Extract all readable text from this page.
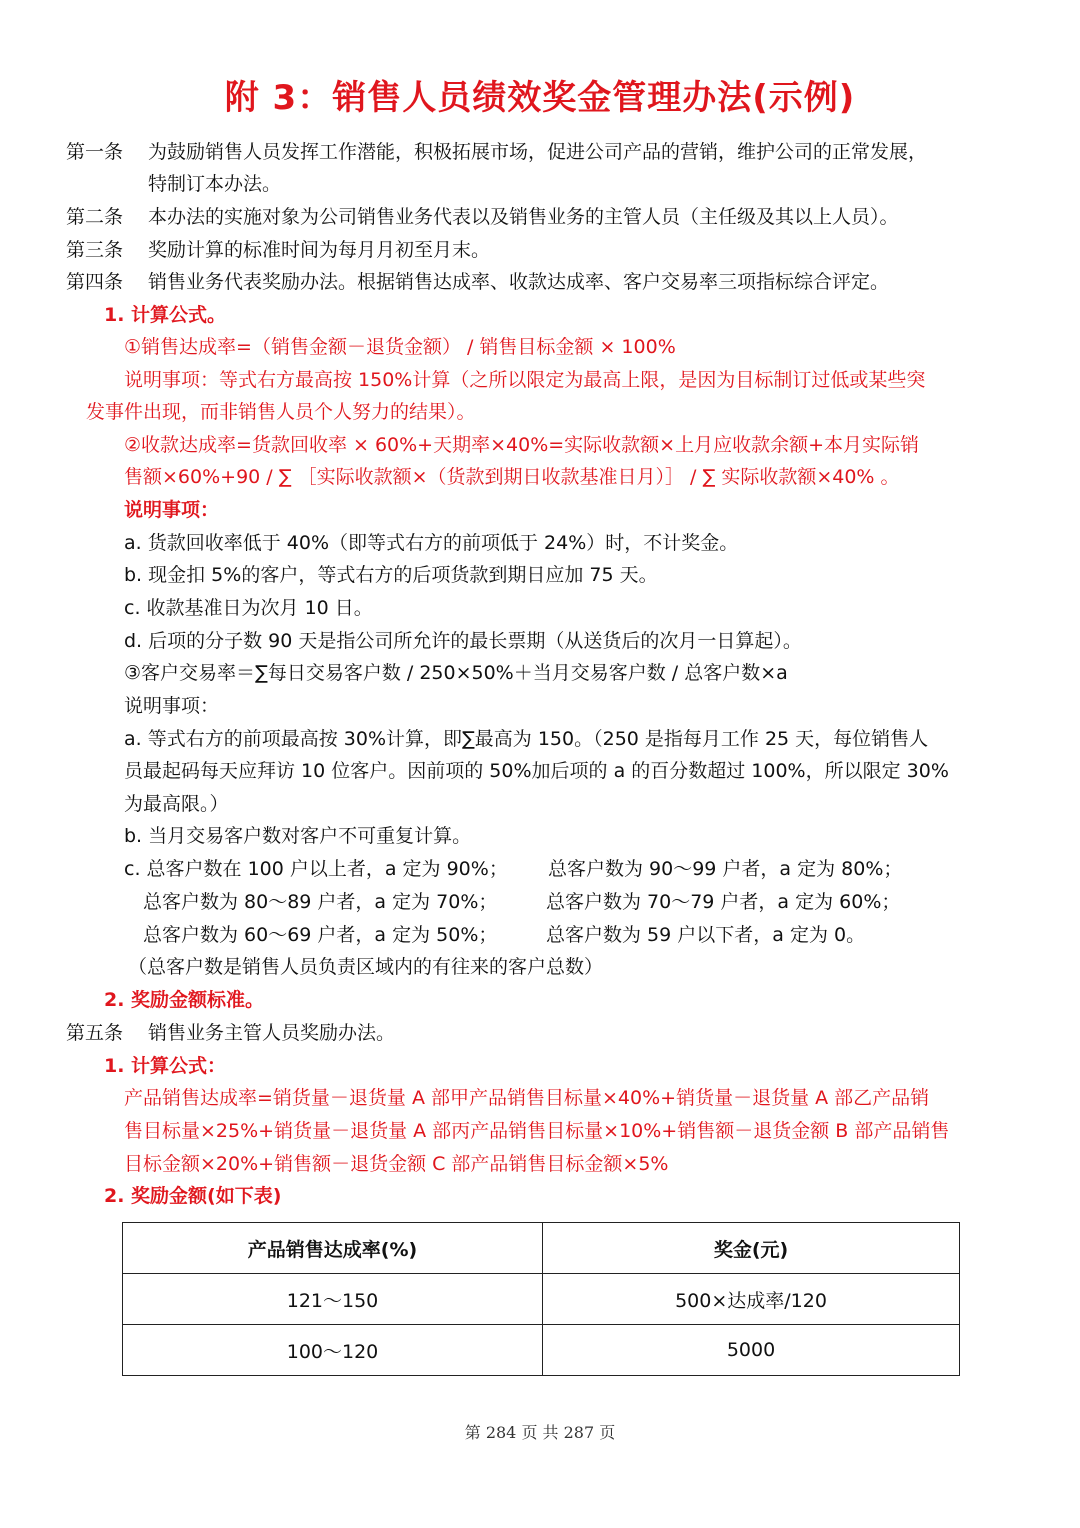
附 3：销售人员绩效奖金管理办法(示例)
第一条 为鼓励销售人员发挥工作潜能，积极拓展市场，促进公司产品的营销，维护公司的正常发展，
特制订本办法。
第二条 本办法的实施对象为公司销售业务代表以及销售业务的主管人员（主任级及其以上人员）。
第三条 奖励计算的标准时间为每月月初至月末。
第四条 销售业务代表奖励办法。根据销售达成率、收款达成率、客户交易率三项指标综合评定。
1. 计算公式。
①销售达成率=（销售金额－退货金额） / 销售目标金额 × 100%
说明事项：等式右方最高按 150%计算（之所以限定为最高上限，是因为目标制订过低或某些突
发事件出现，而非销售人员个人努力的结果）。
②收款达成率=货款回收率 × 60%+天期率×40%=实际收款额×上月应收款余额+本月实际销
售额×60%+90 / ∑ ［实际收款额×（货款到期日收款基准日月）］ / ∑ 实际收款额×40% 。
说明事项：
a. 货款回收率低于 40%（即等式右方的前项低于 24%）时，不计奖金。
b. 现金扣 5%的客户，等式右方的后项货款到期日应加 75 天。
c. 收款基准日为次月 10 日。
d. 后项的分子数 90 天是指公司所允许的最长票期（从送货后的次月一日算起）。
③客户交易率＝∑每日交易客户数 / 250×50%＋当月交易客户数 / 总客户数×a
说明事项：
a. 等式右方的前项最高按 30%计算，即∑最高为 150。（250 是指每月工作 25 天，每位销售人
员最起码每天应拜访 10 位客户。因前项的 50%加后项的 a 的百分数超过 100%，所以限定 30%
为最高限。）
b. 当月交易客户数对客户不可重复计算。
c. 总客户数在 100 户以上者，a 定为 90%； 总客户数为 90～99 户者，a 定为 80%；
总客户数为 80～89 户者，a 定为 70%；	总客户数为 70～79 户者，a 定为 60%；
总客户数为 60～69 户者，a 定为 50%；	总客户数为 59 户以下者，a 定为 0。
（总客户数是销售人员负责区域内的有往来的客户总数）
2. 奖励金额标准。
第五条 销售业务主管人员奖励办法。
1. 计算公式：
产品销售达成率=销货量－退货量 A 部甲产品销售目标量×40%+销货量－退货量 A 部乙产品销
售目标量×25%+销货量－退货量 A 部丙产品销售目标量×10%+销售额－退货金额 B 部产品销售
目标金额×20%+销售额－退货金额 C 部产品销售目标金额×5%
2. 奖励金额(如下表)
产品销售达成率(%)	奖金(元)
121～150	500×达成率/120
100～120	5000
第 284 页 共 287 页
